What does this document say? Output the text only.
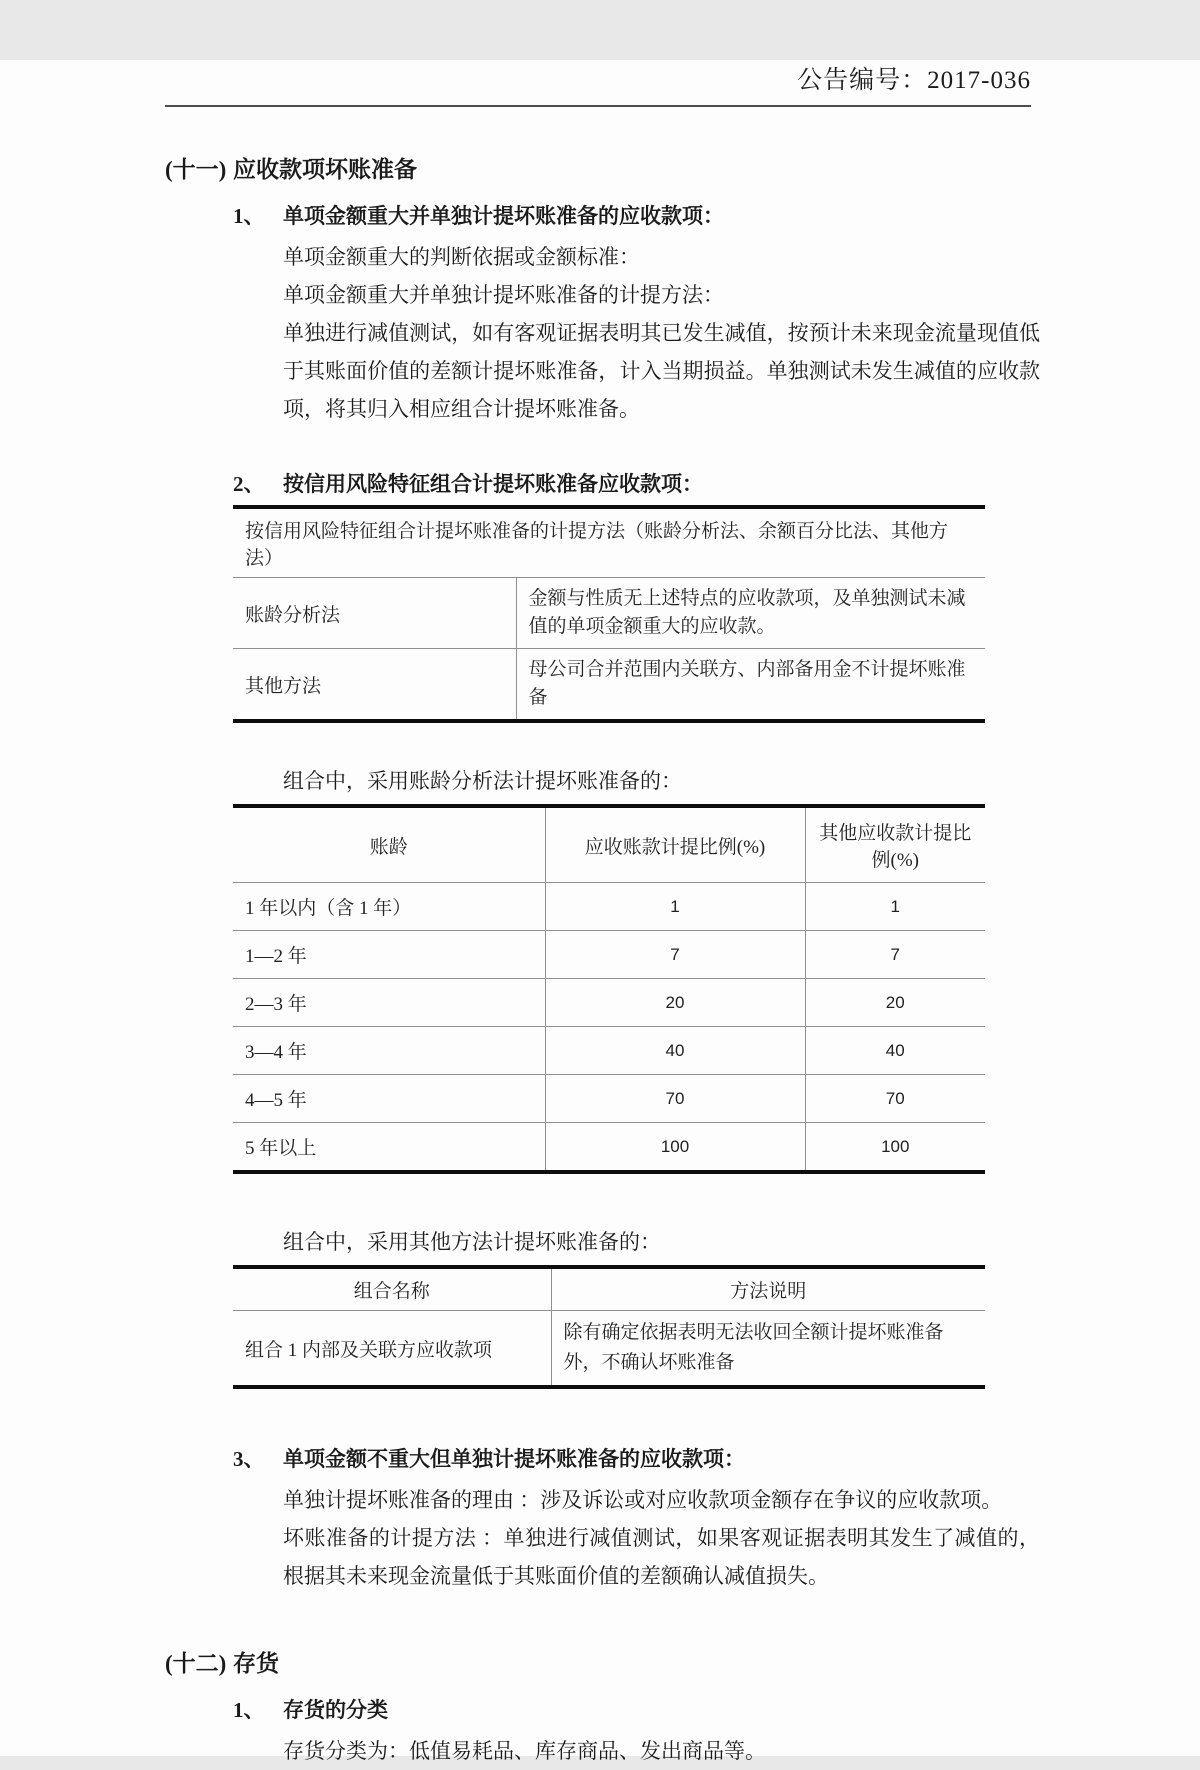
公告编号：2017-036
(十一) 应收款项坏账准备
1、 单项金额重大并单独计提坏账准备的应收款项：

单项金额重大的判断依据或金额标准：

单项金额重大并单独计提坏账准备的计提方法：

单独进行减值测试，如有客观证据表明其已发生减值，按预计未来现金流量现值低于其账面价值的差额计提坏账准备，计入当期损益。单独测试未发生减值的应收款项，将其归入相应组合计提坏账准备。

2、 按信用风险特征组合计提坏账准备应收款项：
按信用风险特征组合计提坏账准备的计提方法（账龄分析法、余额百分比法、其他方法）	
账龄分析法	金额与性质无上述特点的应收款项，及单独测试未减值的单项金额重大的应收款。
其他方法	母公司合并范围内关联方、内部备用金不计提坏账准备
组合中，采用账龄分析法计提坏账准备的：
账龄	应收账款计提比例(%)	其他应收款计提比例(%)
1 年以内（含 1 年）	1	1
1—2 年	7	7
2—3 年	20	20
3—4 年	40	40
4—5 年	70	70
5 年以上	100	100
组合中，采用其他方法计提坏账准备的：
组合名称	方法说明
组合 1 内部及关联方应收款项	除有确定依据表明无法收回全额计提坏账准备外，不确认坏账准备
3、 单项金额不重大但单独计提坏账准备的应收款项：

单独计提坏账准备的理由 ：涉及诉讼或对应收款项金额存在争议的应收款项。

坏账准备的计提方法 ：单独进行减值测试，如果客观证据表明其发生了减值的，根据其未来现金流量低于其账面价值的差额确认减值损失。

(十二) 存货
1、 存货的分类

存货分类为：低值易耗品、库存商品、发出商品等。
